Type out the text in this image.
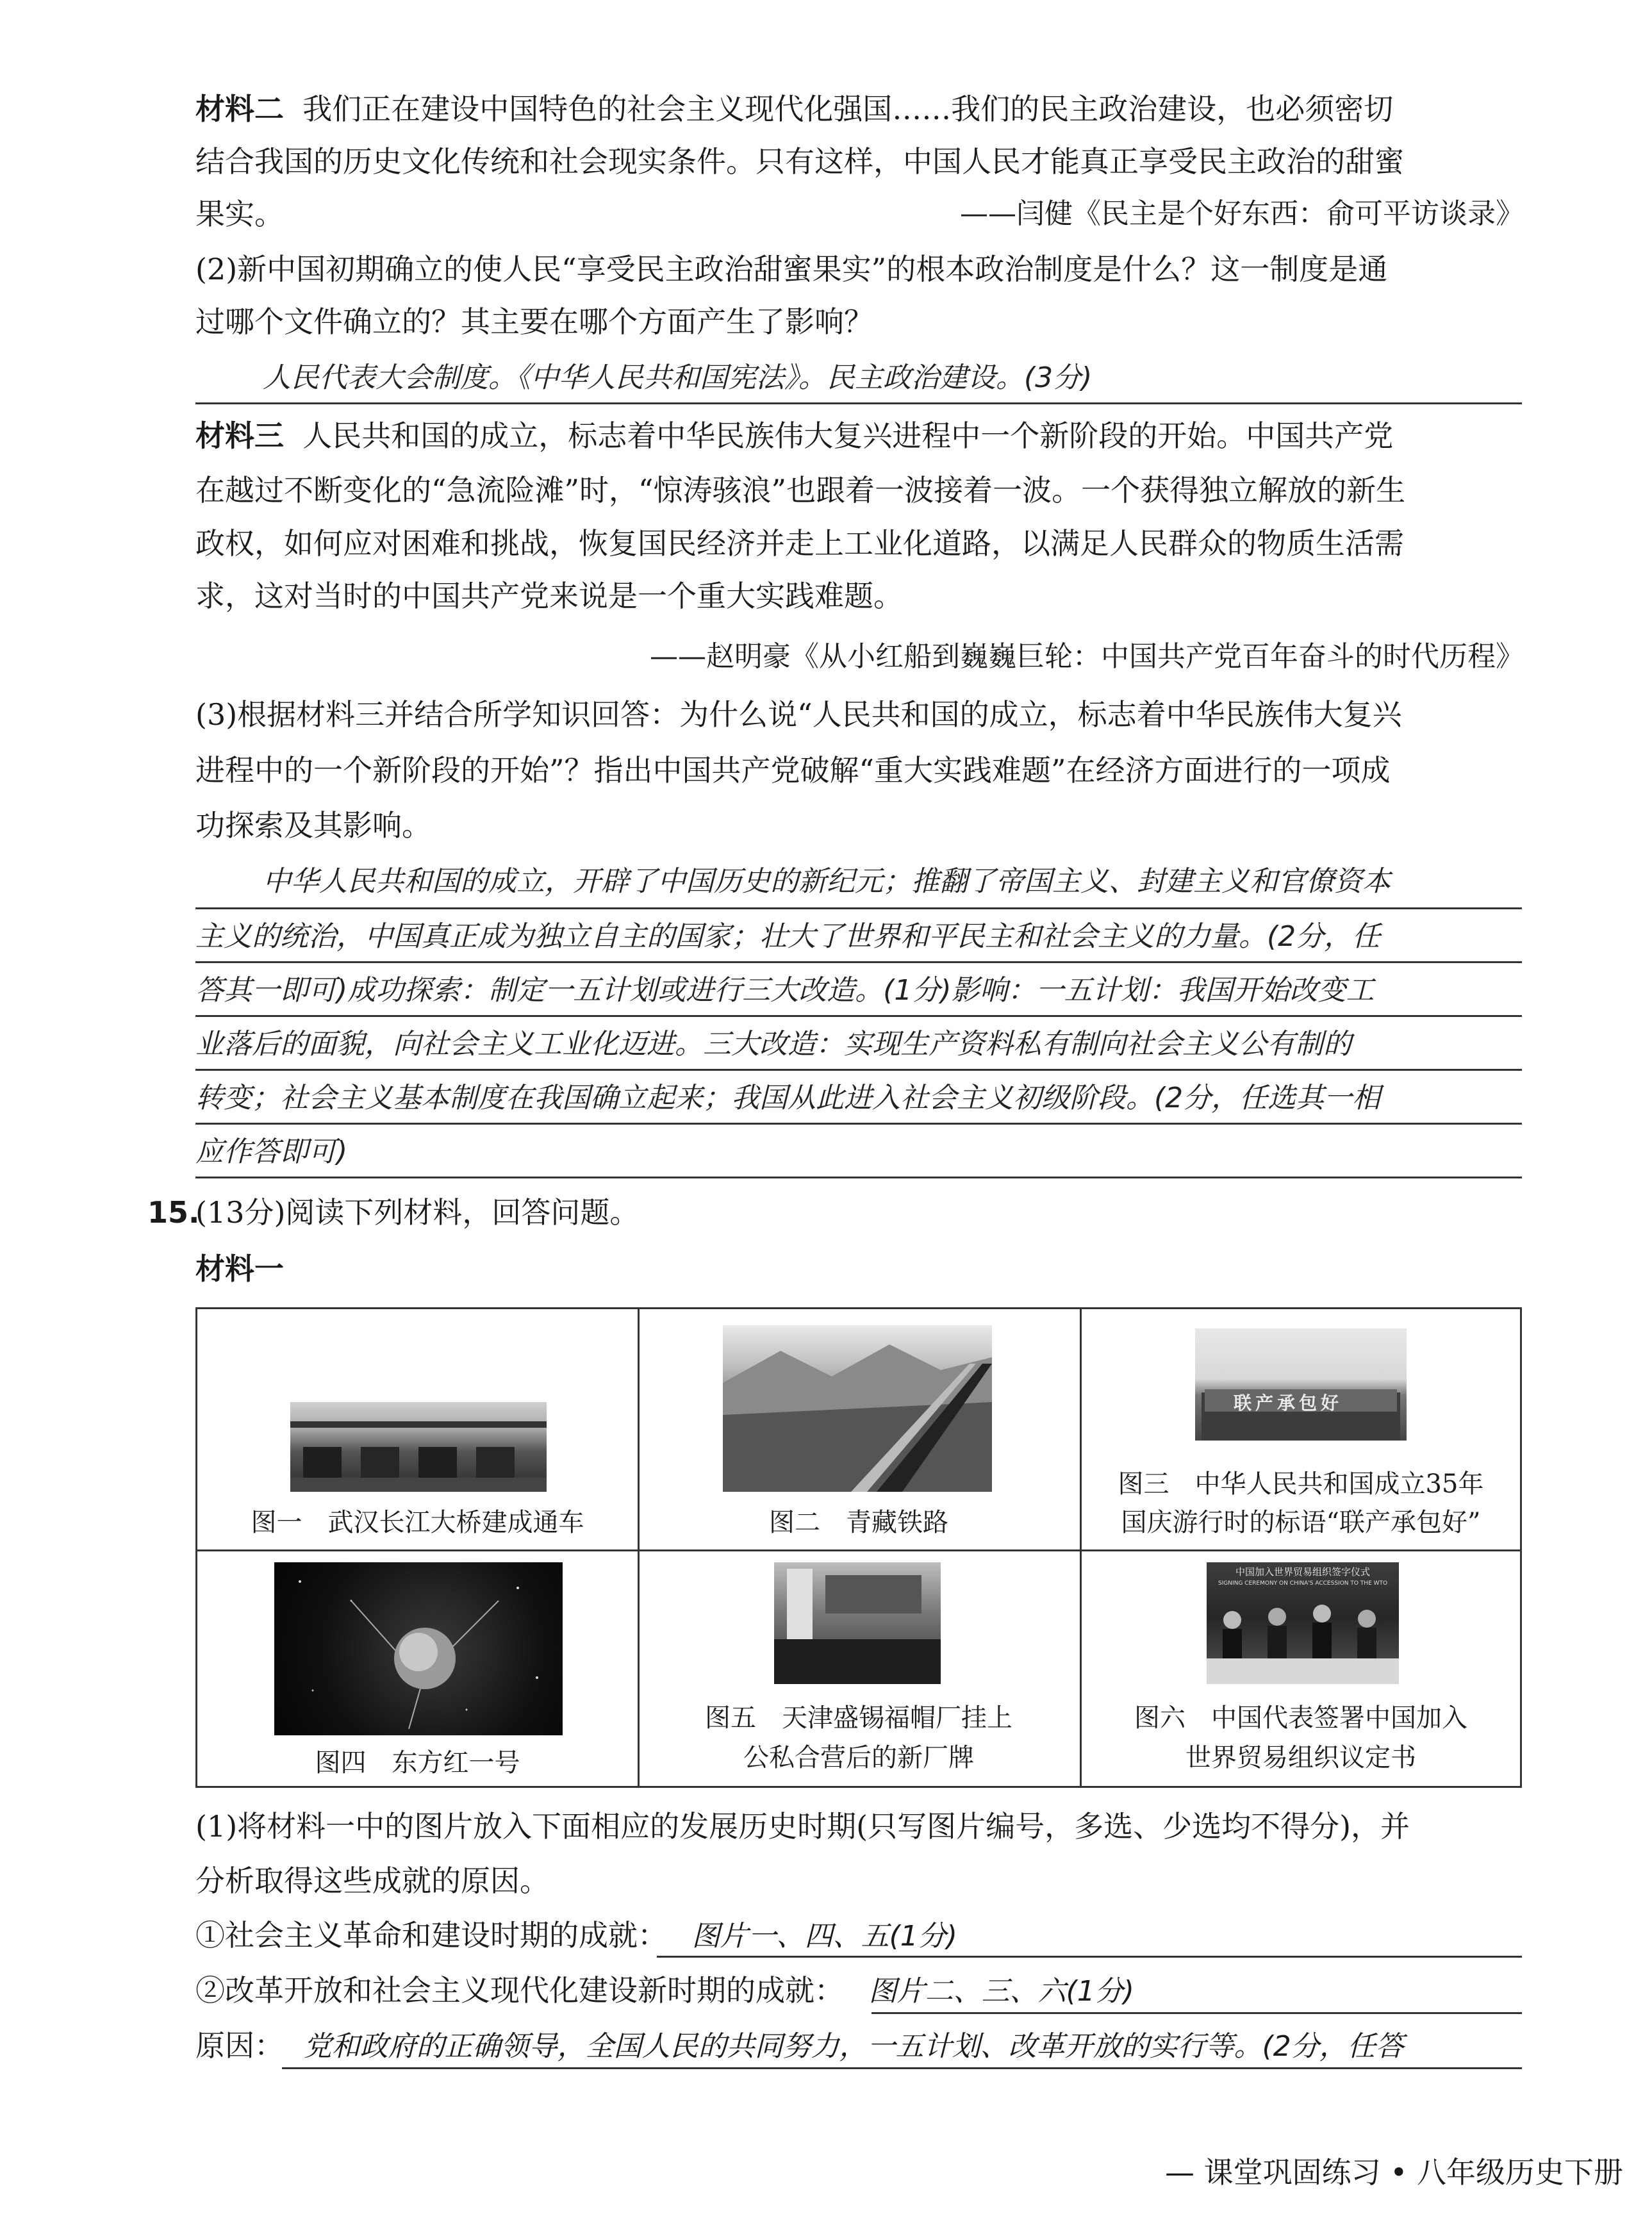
材料二 我们正在建设中国特色的社会主义现代化强国……我们的民主政治建设，也必须密切
结合我国的历史文化传统和社会现实条件。只有这样，中国人民才能真正享受民主政治的甜蜜
果实。	——闫健《民主是个好东西：俞可平访谈录》
(2)新中国初期确立的使人民“享受民主政治甜蜜果实”的根本政治制度是什么？这一制度是通
过哪个文件确立的？其主要在哪个方面产生了影响？
人民代表大会制度。《中华人民共和国宪法》。民主政治建设。(3分)
材料三 人民共和国的成立，标志着中华民族伟大复兴进程中一个新阶段的开始。中国共产党
在越过不断变化的“急流险滩”时，“惊涛骇浪”也跟着一波接着一波。一个获得独立解放的新生
政权，如何应对困难和挑战，恢复国民经济并走上工业化道路，以满足人民群众的物质生活需
求，这对当时的中国共产党来说是一个重大实践难题。
——赵明豪《从小红船到巍巍巨轮：中国共产党百年奋斗的时代历程》
(3)根据材料三并结合所学知识回答：为什么说“人民共和国的成立，标志着中华民族伟大复兴
进程中的一个新阶段的开始”？指出中国共产党破解“重大实践难题”在经济方面进行的一项成
功探索及其影响。
中华人民共和国的成立，开辟了中国历史的新纪元；推翻了帝国主义、封建主义和官僚资本
主义的统治，中国真正成为独立自主的国家；壮大了世界和平民主和社会主义的力量。(2分，任
答其一即可)成功探索：制定一五计划或进行三大改造。(1分)影响：一五计划：我国开始改变工
业落后的面貌，向社会主义工业化迈进。三大改造：实现生产资料私有制向社会主义公有制的
转变；社会主义基本制度在我国确立起来；我国从此进入社会主义初级阶段。(2分，任选其一相
应作答即可)
15.
(13分)阅读下列材料，回答问题。
材料一
图一　武汉长江大桥建成通车	图二　青藏铁路
联产承包好
图三　中华人民共和国成立35年
国庆游行时的标语“联产承包好”
图四　东方红一号
图五　天津盛锡福帽厂挂上
公私合营后的新厂牌
中国加入世界贸易组织签字仪式
SIGNING CEREMONY ON CHINA'S ACCESSION TO THE WTO
图六　中国代表签署中国加入
世界贸易组织议定书
(1)将材料一中的图片放入下面相应的发展历史时期(只写图片编号，多选、少选均不得分)，并
分析取得这些成就的原因。
①社会主义革命和建设时期的成就： 图片一、四、五(1分)
②改革开放和社会主义现代化建设新时期的成就： 图片二、三、六(1分)
原因： 党和政府的正确领导，全国人民的共同努力，一五计划、改革开放的实行等。(2分，任答
— 课堂巩固练习 • 八年级历史下册
